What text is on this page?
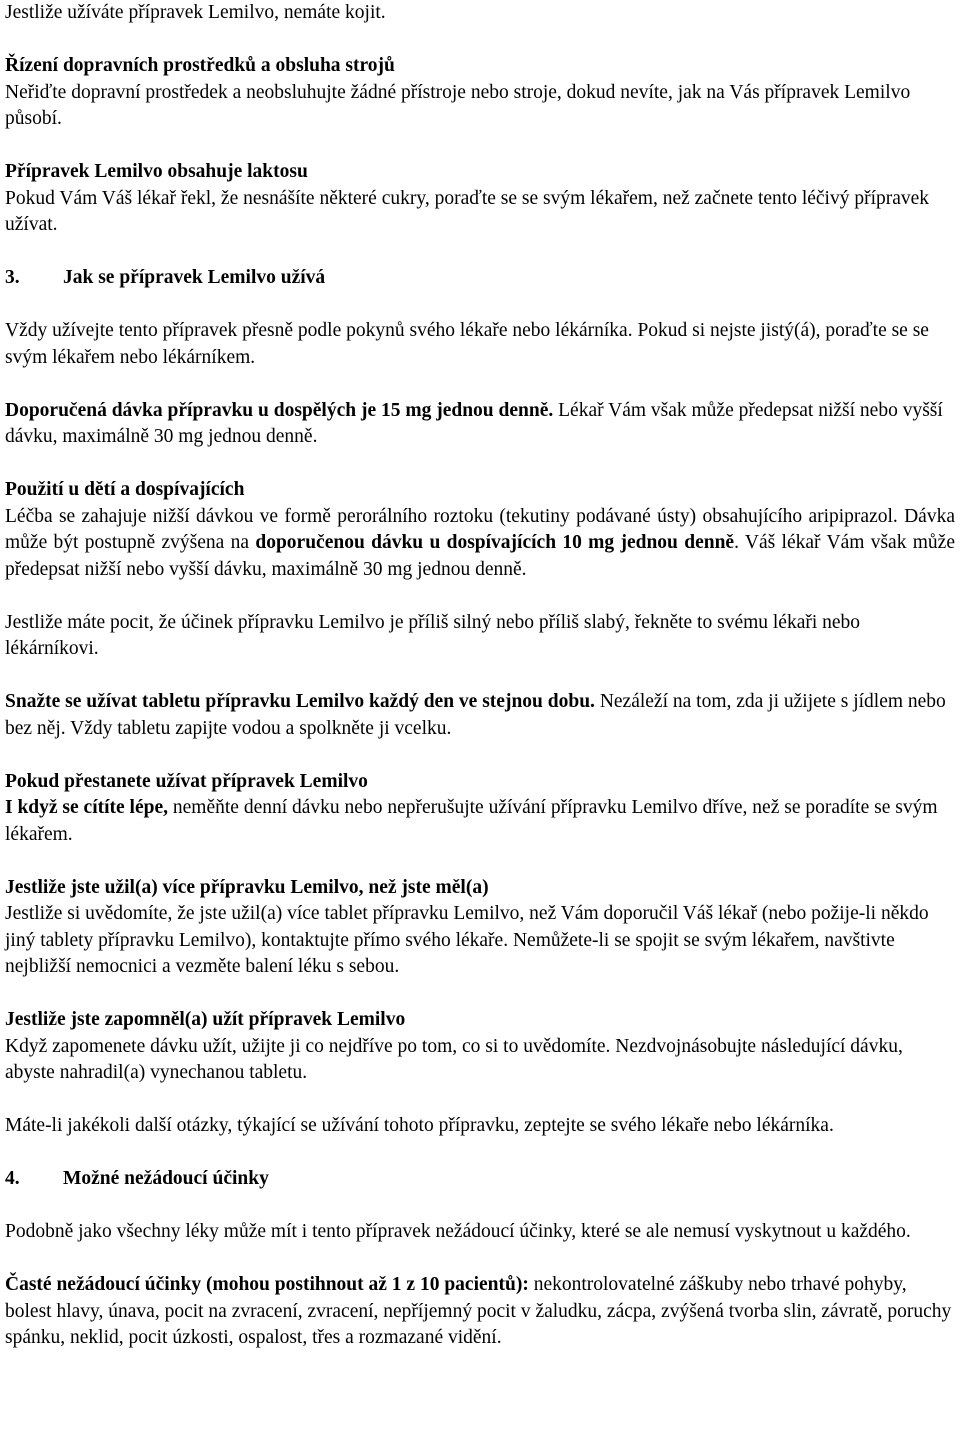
Jestliže užíváte přípravek Lemilvo, nemáte kojit.

Řízení dopravních prostředků a obsluha strojů

Neřiďte dopravní prostředek a neobsluhujte žádné přístroje nebo stroje, dokud nevíte, jak na Vás přípravek Lemilvo působí.

Přípravek Lemilvo obsahuje laktosu

Pokud Vám Váš lékař řekl, že nesnášíte některé cukry, poraďte se se svým lékařem, než začnete tento léčivý přípravek užívat.

3. Jak se přípravek Lemilvo užívá

Vždy užívejte tento přípravek přesně podle pokynů svého lékaře nebo lékárníka. Pokud si nejste jistý(á), poraďte se se svým lékařem nebo lékárníkem.

Doporučená dávka přípravku u dospělých je 15 mg jednou denně. Lékař Vám však může předepsat nižší nebo vyšší dávku, maximálně 30 mg jednou denně.

Použití u dětí a dospívajících

Léčba se zahajuje nižší dávkou ve formě perorálního roztoku (tekutiny podávané ústy) obsahujícího aripiprazol. Dávka může být postupně zvýšena na doporučenou dávku u dospívajících 10 mg jednou denně. Váš lékař Vám však může předepsat nižší nebo vyšší dávku, maximálně 30 mg jednou denně.

Jestliže máte pocit, že účinek přípravku Lemilvo je příliš silný nebo příliš slabý, řekněte to svému lékaři nebo lékárníkovi.

Snažte se užívat tabletu přípravku Lemilvo každý den ve stejnou dobu. Nezáleží na tom, zda ji užijete s jídlem nebo bez něj. Vždy tabletu zapijte vodou a spolkněte ji vcelku.

Pokud přestanete užívat přípravek Lemilvo

I když se cítíte lépe, neměňte denní dávku nebo nepřerušujte užívání přípravku Lemilvo dříve, než se poradíte se svým lékařem.

Jestliže jste užil(a) více přípravku Lemilvo, než jste měl(a)

Jestliže si uvědomíte, že jste užil(a) více tablet přípravku Lemilvo, než Vám doporučil Váš lékař (nebo požije-li někdo jiný tablety přípravku Lemilvo), kontaktujte přímo svého lékaře. Nemůžete-li se spojit se svým lékařem, navštivte nejbližší nemocnici a vezměte balení léku s sebou.

Jestliže jste zapomněl(a) užít přípravek Lemilvo

Když zapomenete dávku užít, užijte ji co nejdříve po tom, co si to uvědomíte. Nezdvojnásobujte následující dávku, abyste nahradil(a) vynechanou tabletu.

Máte-li jakékoli další otázky, týkající se užívání tohoto přípravku, zeptejte se svého lékaře nebo lékárníka.

4. Možné nežádoucí účinky

Podobně jako všechny léky může mít i tento přípravek nežádoucí účinky, které se ale nemusí vyskytnout u každého.

Časté nežádoucí účinky (mohou postihnout až 1 z 10 pacientů): nekontrolovatelné záškuby nebo trhavé pohyby, bolest hlavy, únava, pocit na zvracení, zvracení, nepříjemný pocit v žaludku, zácpa, zvýšená tvorba slin, závratě, poruchy spánku, neklid, pocit úzkosti, ospalost, třes a rozmazané vidění.
